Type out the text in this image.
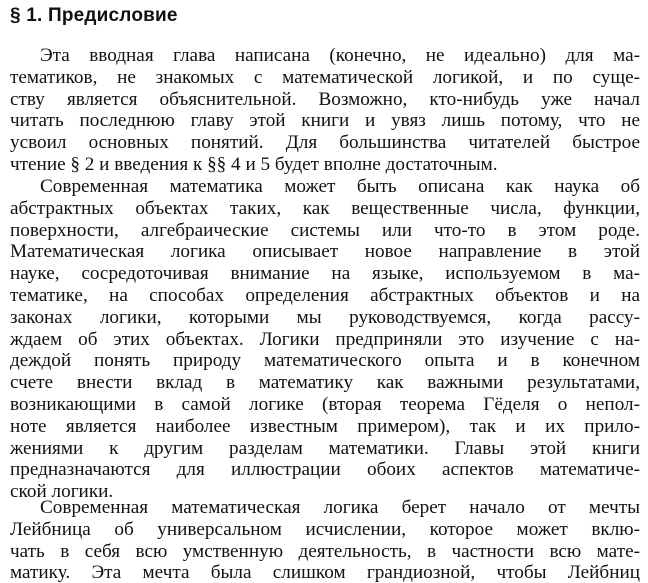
§ 1. Предисловие
Эта вводная глава написана (конечно, не идеально) для ма-
тематиков, не знакомых с математической логикой, и по суще-
ству является объяснительной. Возможно, кто-нибудь уже начал
читать последнюю главу этой книги и увяз лишь потому, что не
усвоил основных понятий. Для большинства читателей быстрое
чтение § 2 и введения к §§ 4 и 5 будет вполне достаточным.
Современная математика может быть описана как наука об
абстрактных объектах таких, как вещественные числа, функции,
поверхности, алгебраические системы или что-то в этом роде.
Математическая логика описывает новое направление в этой
науке, сосредоточивая внимание на языке, используемом в ма-
тематике, на способах определения абстрактных объектов и на
законах логики, которыми мы руководствуемся, когда рассу-
ждаем об этих объектах. Логики предприняли это изучение с на-
деждой понять природу математического опыта и в конечном
счете внести вклад в математику как важными результатами,
возникающими в самой логике (вторая теорема Гёделя о непол-
ноте является наиболее известным примером), так и их прило-
жениями к другим разделам математики. Главы этой книги
предназначаются для иллюстрации обоих аспектов математиче-
ской логики.
Современная математическая логика берет начало от мечты
Лейбница об универсальном исчислении, которое может вклю-
чать в себя всю умственную деятельность, в частности всю мате-
матику. Эта мечта была слишком грандиозной, чтобы Лейбниц
